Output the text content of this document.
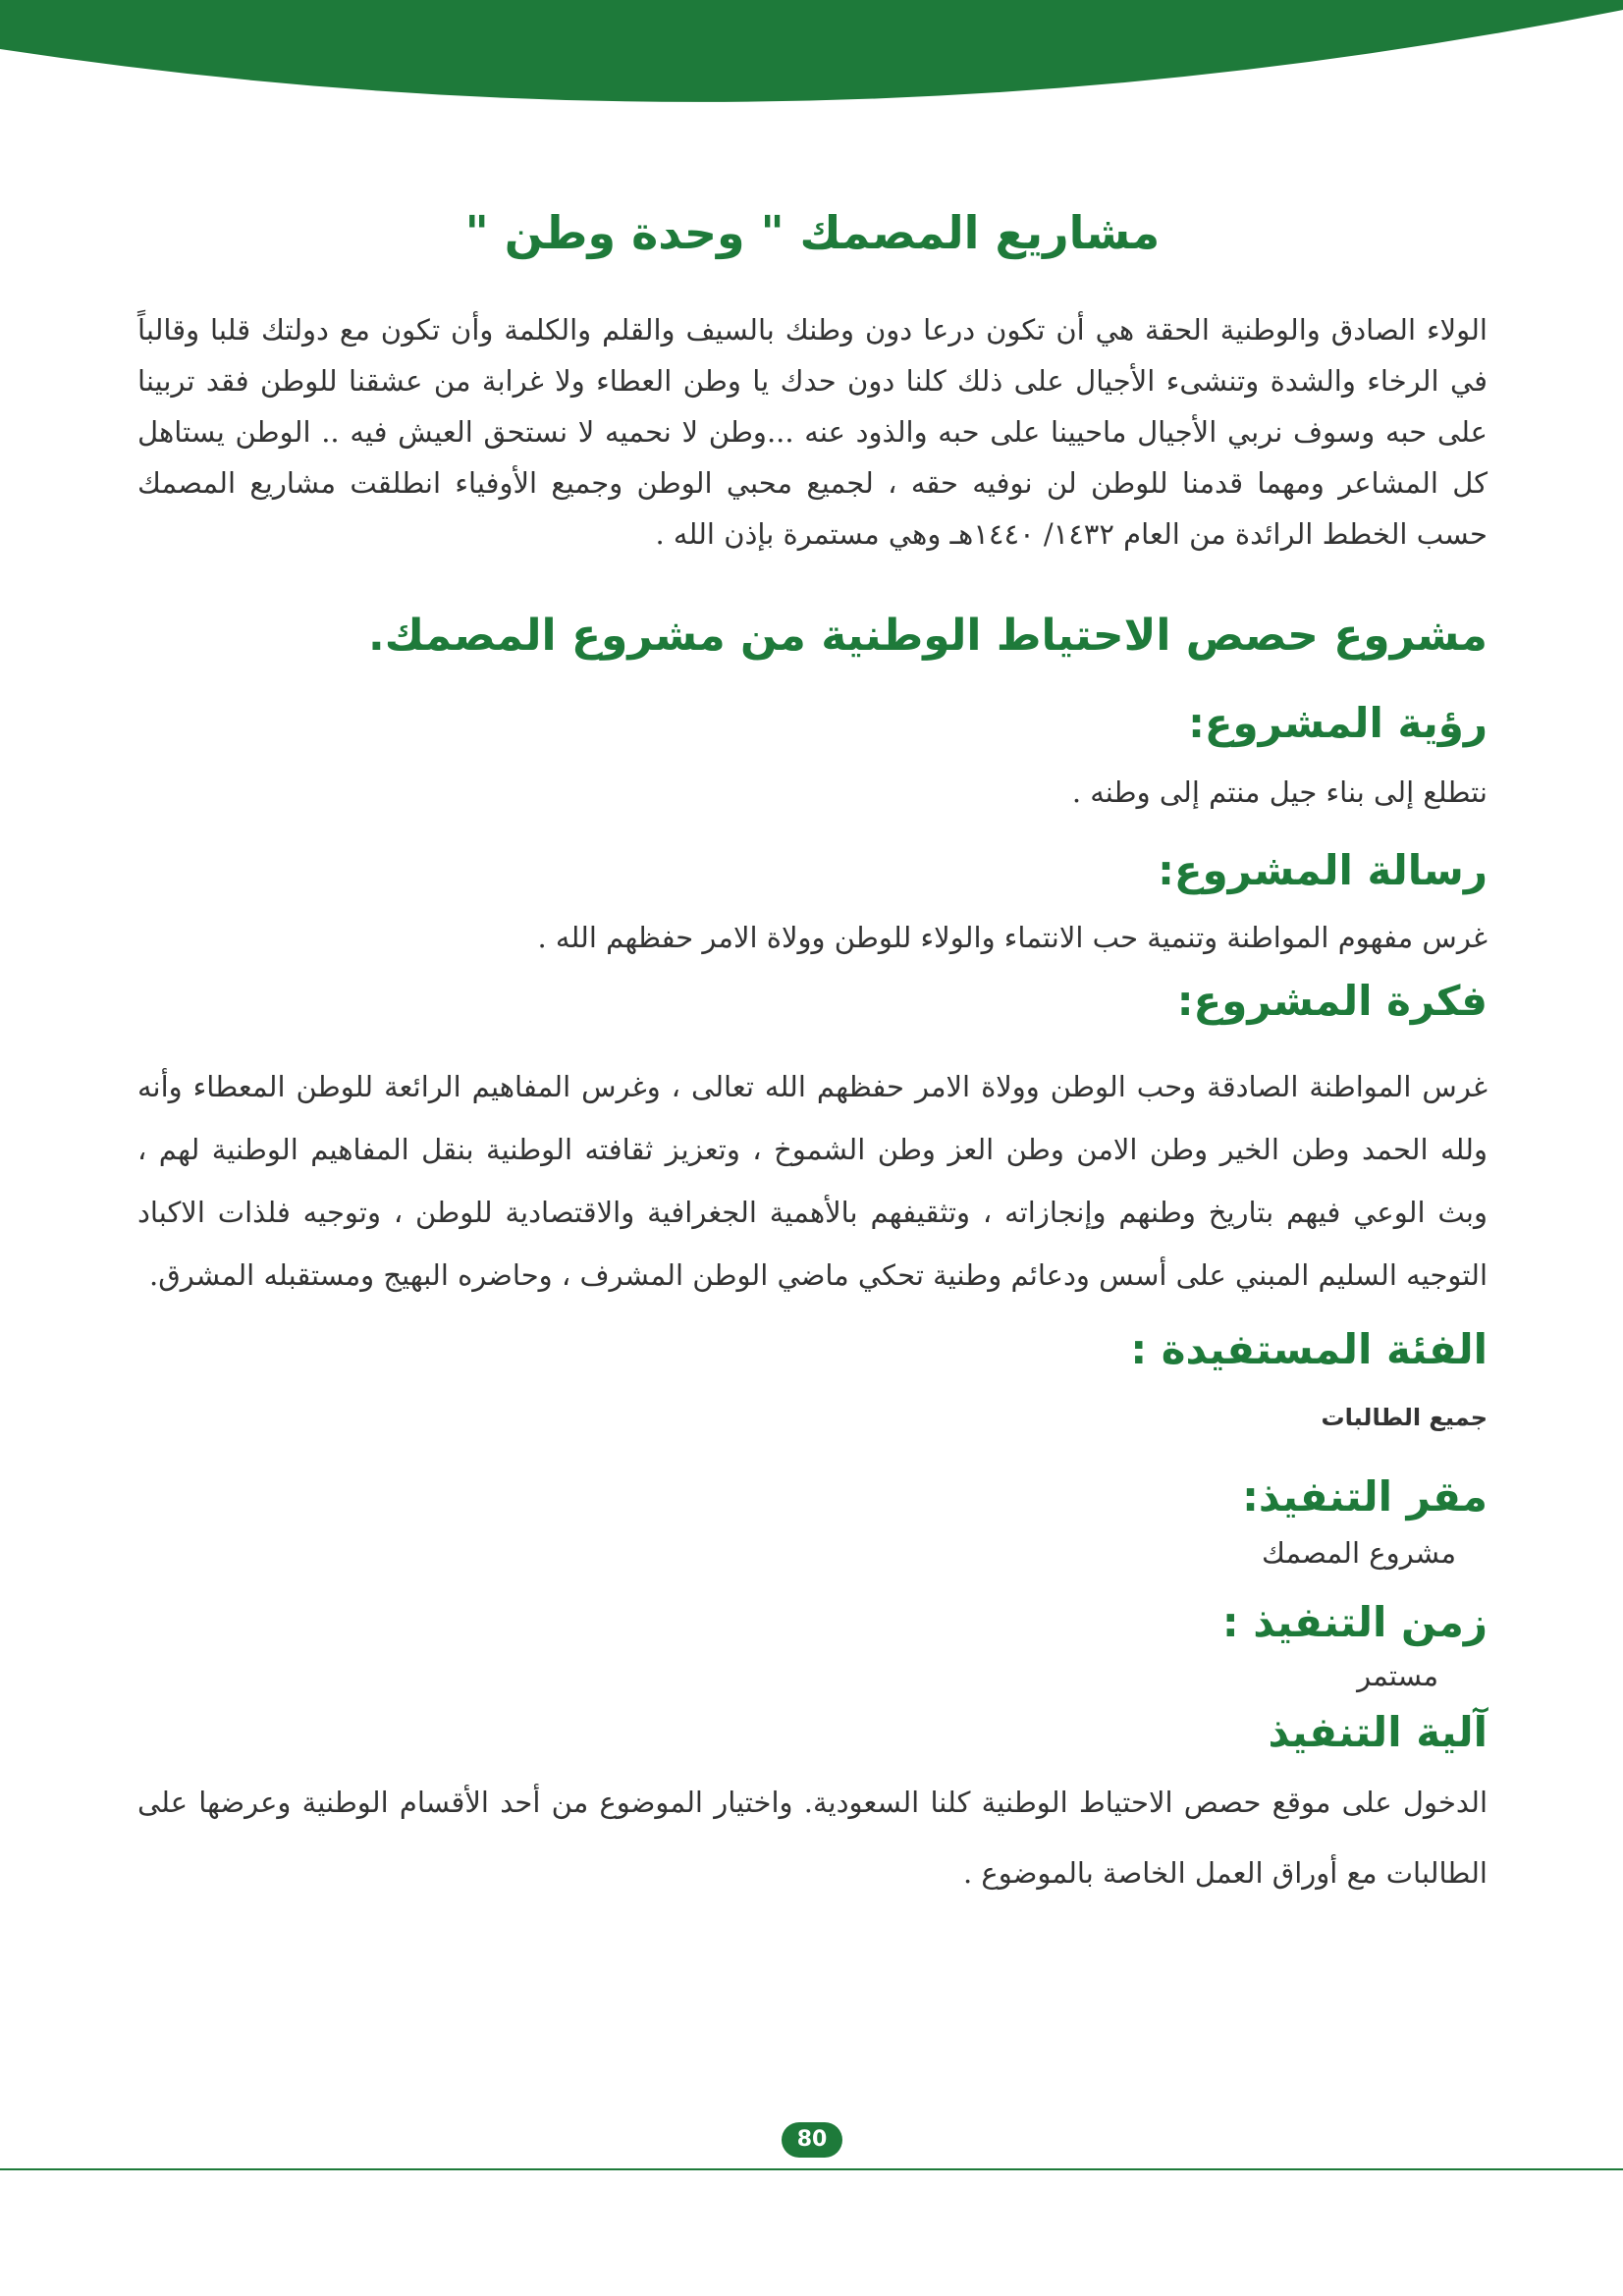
مشاريع المصمك " وحدة وطن "

الولاء الصادق والوطنية الحقة هي أن تكون درعا دون وطنك بالسيف والقلم والكلمة وأن تكون مع دولتك قلبا وقالباً في الرخاء والشدة وتنشىء الأجيال على ذلك كلنا دون حدك يا وطن العطاء ولا غرابة من عشقنا للوطن فقد تربينا على حبه وسوف نربي الأجيال ماحيينا على حبه والذود عنه ...وطن لا نحميه لا نستحق العيش فيه .. الوطن يستاهل كل المشاعر ومهما قدمنا للوطن لن نوفيه حقه ، لجميع محبي الوطن وجميع الأوفياء انطلقت مشاريع المصمك حسب الخطط الرائدة من العام ١٤٣٢/ ١٤٤٠هـ وهي مستمرة بإذن الله .

مشروع حصص الاحتياط الوطنية من مشروع المصمك.
رؤية المشروع:

نتطلع إلى بناء جيل منتم إلى وطنه .

رسالة المشروع:

غرس مفهوم المواطنة وتنمية حب الانتماء والولاء للوطن وولاة الامر حفظهم الله .

فكرة المشروع:

غرس المواطنة الصادقة وحب الوطن وولاة الامر حفظهم الله تعالى ، وغرس المفاهيم الرائعة للوطن المعطاء وأنه ولله الحمد وطن الخير وطن الامن وطن العز وطن الشموخ ، وتعزيز ثقافته الوطنية بنقل المفاهيم الوطنية لهم ، وبث الوعي فيهم بتاريخ وطنهم وإنجازاته ، وتثقيفهم بالأهمية الجغرافية والاقتصادية للوطن ، وتوجيه فلذات الاكباد التوجيه السليم المبني على أسس ودعائم وطنية تحكي ماضي الوطن المشرف ، وحاضره البهيج ومستقبله المشرق.

الفئة المستفيدة :

جميع الطالبات

مقر التنفيذ:

مشروع المصمك

زمن التنفيذ :

مستمر

آلية التنفيذ

الدخول على موقع حصص الاحتياط الوطنية كلنا السعودية. واختيار الموضوع من أحد الأقسام الوطنية وعرضها على الطالبات مع أوراق العمل الخاصة بالموضوع .

80
